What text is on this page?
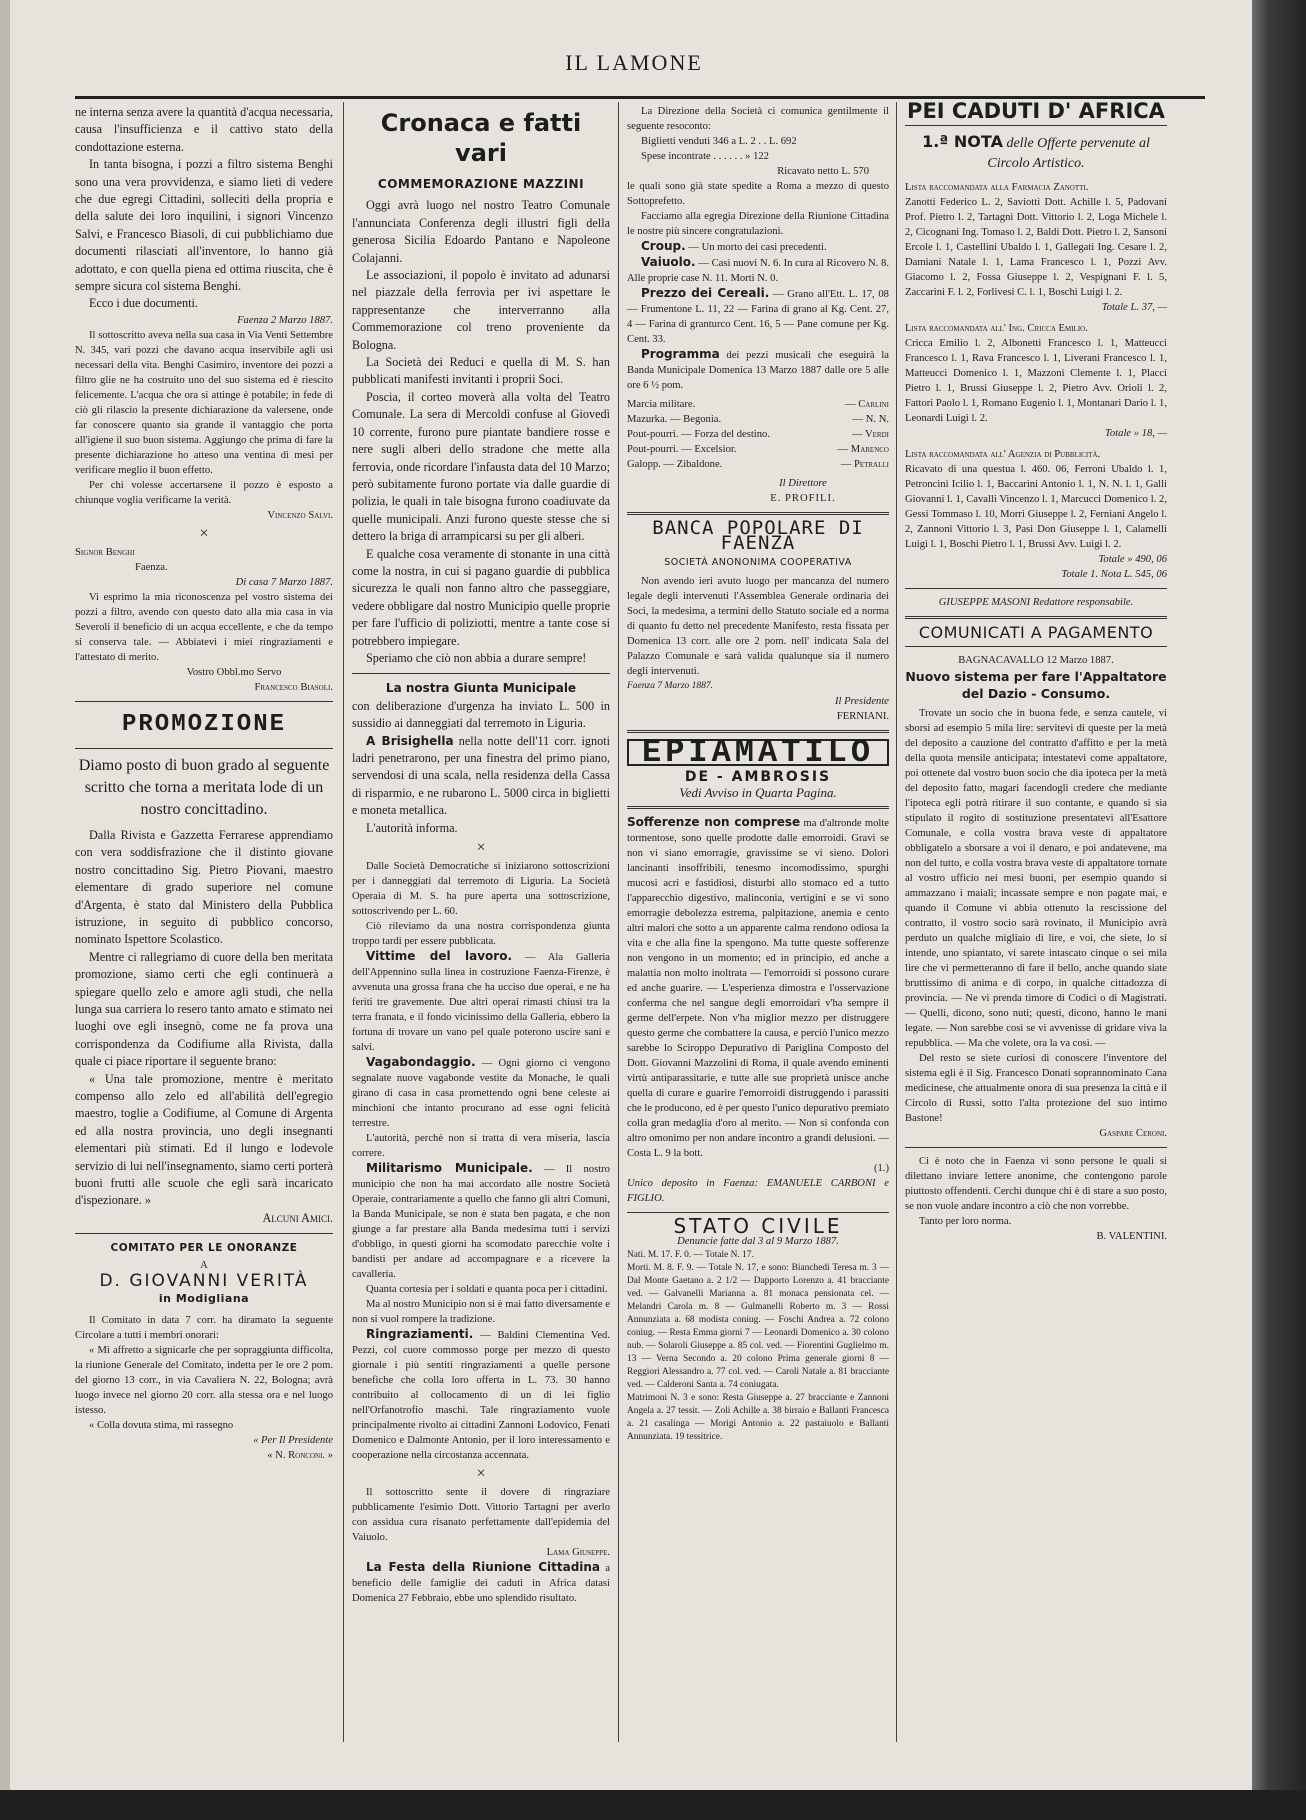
IL LAMONE
ne interna senza avere la quantità d'acqua necessaria, causa l'insufficienza e il cattivo stato della condottazione esterna.

In tanta bisogna, i pozzi a filtro sistema Benghi sono una vera provvidenza, e siamo lieti di vedere che due egregi Cittadini, solleciti della propria e della salute dei loro inquilini, i signori Vincenzo Salvi, e Francesco Biasoli, di cui pubblichiamo due documenti rilasciati all'inventore, lo hanno già adottato, e con quella piena ed ottima riuscita, che è sempre sicura col sistema Benghi.

Ecco i due documenti.

Faenza 2 Marzo 1887.

Il sottoscritto aveva nella sua casa in Via Venti Settembre N. 345, vari pozzi che davano acqua inservibile agli usi necessari della vita. Benghi Casimiro, inventore dei pozzi a filtro glie ne ha costruito uno del suo sistema ed è riescito felicemente. L'acqua che ora si attinge è potabile; in fede di ciò gli rilascio la presente dichiarazione da valersene, onde far conoscere quanto sia grande il vantaggio che porta all'igiene il suo buon sistema. Aggiungo che prima di fare la presente dichiarazione ho atteso una ventina di mesi per verificare meglio il buon effetto.

Per chi volesse accertarsene il pozzo è esposto a chiunque voglia verificarne la verità.

Vincenzo Salvi.
×
Signor Benghi
Faenza.
Di casa 7 Marzo 1887.

Vi esprimo la mia riconoscenza pel vostro sistema dei pozzi a filtro, avendo con questo dato alla mia casa in via Severoli il beneficio di un acqua eccellente, e che da tempo si conserva tale. — Abbiatevi i miei ringraziamenti e l'attestato di merito.

Vostro Obbl.mo Servo
Francesco Biasoli.
PROMOZIONE
Diamo posto di buon grado al seguente scritto che torna a meritata lode di un nostro concittadino.

Dalla Rivista e Gazzetta Ferrarese apprendiamo con vera soddisfrazione che il distinto giovane nostro concittadino Sig. Pietro Piovani, maestro elementare di grado superiore nel comune d'Argenta, è stato dal Ministero della Pubblica istruzione, in seguito di pubblico concorso, nominato Ispettore Scolastico.

Mentre ci rallegriamo di cuore della ben meritata promozione, siamo certi che egli continuerà a spiegare quello zelo e amore agli studi, che nella lunga sua carriera lo resero tanto amato e stimato nei luoghi ove egli insegnò, come ne fa prova una corrispondenza da Codifiume alla Rivista, dalla quale ci piace riportare il seguente brano:

« Una tale promozione, mentre è meritato compenso allo zelo ed all'abilità dell'egregio maestro, toglie a Codifiume, al Comune di Argenta ed alla nostra provincia, uno degli insegnanti elementari più stimati. Ed il lungo e lodevole servizio di lui nell'insegnamento, siamo certi porterà buoni frutti alle scuole che egli sarà incaricato d'ispezionare. »

Alcuni Amici.
COMITATO PER LE ONORANZE
A
D. GIOVANNI VERITÀ
in Modigliana

Il Comitato in data 7 corr. ha diramato la seguente Circolare a tutti i membri onorari:

« Mi affretto a signicarle che per sopraggiunta difficolta, la riunione Generale del Comitato, indetta per le ore 2 pom. del giorno 13 corr., in via Cavaliera N. 22, Bologna; avrà luogo invece nel giorno 20 corr. alla stessa ora e nel luogo istesso.

« Colla dovuta stima, mi rassegno

« Per Il Presidente
« N. Ronconi. »
Cronaca e fatti vari
COMMEMORAZIONE MAZZINI

Oggi avrà luogo nel nostro Teatro Comunale l'annunciata Conferenza degli illustri figli della generosa Sicilia Edoardo Pantano e Napoleone Colajanni.

Le associazioni, il popolo è invitato ad adunarsi nel piazzale della ferrovia per ivi aspettare le rappresentanze che interverranno alla Commemorazione col treno proveniente da Bologna.

La Società dei Reduci e quella di M. S. han pubblicati manifesti invitanti i proprii Soci.

Poscia, il corteo moverà alla volta del Teatro Comunale. La sera di Mercoldì confuse al Giovedì 10 corrente, furono pure piantate bandiere rosse e nere sugli alberi dello stradone che mette alla ferrovia, onde ricordare l'infausta data del 10 Marzo; però subitamente furono portate via dalle guardie di polizia, le quali in tale bisogna furono coadiuvate da quelle municipali. Anzi furono queste stesse che si dettero la briga di arrampicarsi su per gli alberi.

E qualche cosa veramente di stonante in una città come la nostra, in cui si pagano guardie di pubblica sicurezza le quali non fanno altro che passeggiare, vedere obbligare dal nostro Municipio quelle proprie per fare l'ufficio di poliziotti, mentre a tante cose si potrebbero impiegare.

Speriamo che ciò non abbia a durare sempre!

La nostra Giunta Municipale
con deliberazione d'urgenza ha inviato L. 500 in sussidio ai danneggiati dal terremoto in Liguria.

A Brisighella nella notte dell'11 corr. ignoti ladri penetrarono, per una finestra del primo piano, servendosi di una scala, nella residenza della Cassa di risparmio, e ne rubarono L. 5000 circa in biglietti e moneta metallica.

L'autorità informa.

×

Dalle Società Democratiche si iniziarono sottoscrizioni per i danneggiati dal terremoto di Liguria. La Società Operaia di M. S. ha pure aperta una sottoscrizione, sottoscrivendo per L. 60.

Ciò rileviamo da una nostra corrispondenza giunta troppo tardi per essere pubblicata.

Vittime del lavoro. — Ala Galleria dell'Appennino sulla linea in costruzione Faenza-Firenze, è avvenuta una grossa frana che ha ucciso due operai, e ne ha feriti tre gravemente. Due altri operai rimasti chiusi tra la terra franata, e il fondo vicinissimo della Galleria, ebbero la fortuna di trovare un vano pel quale poterono uscire sani e salvi.

Vagabondaggio. — Ogni giorno ci vengono segnalate nuove vagabonde vestite da Monache, le quali girano di casa in casa promettendo ogni bene celeste ai minchioni che intanto procurano ad esse ogni felicità terrestre.

L'autorità, perchè non si tratta di vera miseria, lascia correre.

Militarismo Municipale. — Il nostro municipio che non ha mai accordato alle nostre Società Operaie, contrariamente a quello che fanno gli altri Comuni, la Banda Municipale, se non è stata ben pagata, e che non giunge a far prestare alla Banda medesima tutti i servizi d'obbligo, in questi giorni ha scomodato parecchie volte i bandisti per andare ad accompagnare e a ricevere la cavalleria.

Quanta cortesia per i soldati e quanta poca per i cittadini.

Ma al nostro Municipio non si è mai fatto diversamente e non si vuol rompere la tradizione.

Ringraziamenti. — Baldini Clementina Ved. Pezzi, col cuore commosso porge per mezzo di questo giornale i più sentiti ringraziamenti a quelle persone benefiche che colla loro offerta in L. 73. 30 hanno contribuito al collocamento di un di lei figlio nell'Orfanotrofio maschi. Tale ringraziamento vuole principalmente rivolto ai cittadini Zannoni Lodovico, Fenati Domenico e Dalmonte Antonio, per il loro interessamento e cooperazione nella circostanza accennata.

×

Il sottoscritto sente il dovere di ringraziare pubblicamente l'esimio Dott. Vittorio Tartagni per averlo con assidua cura risanato perfettamente dall'epidemia del Vaiuolo.

Lama Giuseppe.

La Festa della Riunione Cittadina a beneficio delle famiglie dei caduti in Africa datasi Domenica 27 Febbraio, ebbe uno splendido risultato.

La Direzione della Società ci comunica gentilmente il seguente resoconto:

Biglietti venduti 346 a L. 2 . . L. 692
Spese incontrate . . . . . . » 122
Ricavato netto L. 570
le quali sono già state spedite a Roma a mezzo di questo Sottoprefetto.

Facciamo alla egregia Direzione della Riunione Cittadina le nostre più sincere congratulazioni.

Croup. — Un morto dei casi precedenti.

Vaiuolo. — Casi nuovi N. 6. In cura al Ricovero N. 8. Alle proprie case N. 11. Morti N. 0.

Prezzo dei Cereali. — Grano all'Ett. L. 17, 08 — Frumentone L. 11, 22 — Farina di grano al Kg. Cent. 27, 4 — Farina di granturco Cent. 16, 5 — Pane comune per Kg. Cent. 33.

Programma dei pezzi musicali che eseguirà la Banda Municipale Domenica 13 Marzo 1887 dalle ore 5 alle ore 6 ½ pom.

Marcia militare.	— Carlini
Mazurka. — Begonia.	— N. N.
Pout-pourri. — Forza del destino.	— Verdi
Pout-pourri. — Excelsior.	— Marenco
Galopp. — Zibaldone.	— Petralli
Il Direttore
E. PROFILI.
BANCA POPOLARE DI FAENZA
SOCIETÀ ANONONIMA COOPERATIVA

Non avendo ieri avuto luogo per mancanza del numero legale degli intervenuti l'Assemblea Generale ordinaria dei Soci, la medesima, a termini dello Statuto sociale ed a norma di quanto fu detto nel precedente Manifesto, resta fissata per Domenica 13 corr. alle ore 2 pom. nell' indicata Sala del Palazzo Comunale e sarà valida qualunque sia il numero degli intervenuti.

Faenza 7 Marzo 1887.
Il Presidente
FERNIANI.
EPIAMATILO
DE - AMBROSIS
Vedi Avviso in Quarta Pagina.

Sofferenze non comprese ma d'altronde molte tormentose, sono quelle prodotte dalle emorroidi. Gravi se non vi siano emorragie, gravissime se vi sieno. Dolori lancinanti insoffribili, tenesmo incomodissimo, spurghi mucosi acri e fastidiosi, disturbi allo stomaco ed a tutto l'apparecchio digestivo, malinconia, vertigini e se vi sono emorragie debolezza estrema, palpitazione, anemia e cento altri malori che sotto a un apparente calma rendono odiosa la vita e che alla fine la spengono. Ma tutte queste sofferenze non vengono in un momento; ed in principio, ed anche a malattia non molto inoltrata — l'emorroidi si possono curare ed anche guarire. — L'esperienza dimostra e l'osservazione conferma che nel sangue degli emorroidari v'ha sempre il germe dell'erpete. Non v'ha miglior mezzo per distruggere questo germe che combattere la causa, e perciò l'unico mezzo sarebbe lo Sciroppo Depurativo di Pariglina Composto del Dott. Giovanni Mazzolini di Roma, il quale avendo eminenti virtù antiparassitarie, e tutte alle sue proprietà unisce anche quella di curare e guarire l'emorroidi distruggendo i parassiti che le producono, ed è per questo l'unico depurativo premiato colla gran medaglia d'oro al merito. — Non si confonda con altro omonimo per non andare incontro a grandi delusioni. — Costa L. 9 la bott.

(1.)
Unico deposito in Faenza: EMANUELE CARBONI e FIGLIO.
STATO CIVILE
Denuncie fatte dal 3 al 9 Marzo 1887.
Nati. M. 17. F. 0. — Totale N. 17.
Morti. M. 8. F. 9. — Totale N. 17, e sono: Bianchedi Teresa m. 3 — Dal Monte Gaetano a. 2 1/2 — Dapporto Lorenzo a. 41 bracciante ved. — Galvanelli Marianna a. 81 monaca pensionata cel. — Melandri Carola m. 8 — Gulmanelli Roberto m. 3 — Rossi Annunziata a. 68 modista coniug. — Foschi Andrea a. 72 colono coniug. — Resta Emma giorni 7 — Leonardi Domenico a. 30 colono nub. — Solaroli Giuseppe a. 85 col. ved. — Fiorentini Guglielmo m. 13 — Verna Secondo a. 20 colono Prima generale giorni 8 — Reggiori Alessandro a. 77 col. ved. — Caroli Natale a. 81 bracciante ved. — Calderoni Santa a. 74 coniugata.
Matrimoni N. 3 e sono: Resta Giuseppe a. 27 bracciante e Zannoni Angela a. 27 tessit. — Zoli Achille a. 38 birraio e Ballanti Francesca a. 21 casalinga — Morigi Antonio a. 22 pastaiuolo e Ballanti Annunziata. 19 tessitrice.
PEI CADUTI D' AFRICA
1.ª NOTA delle Offerte pervenute al Circolo Artistico.
Lista raccomandata alla Farmacia Zanotti.
Zanotti Federico L. 2, Saviotti Dott. Achille l. 5, Padovani Prof. Pietro l. 2, Tartagni Dott. Vittorio l. 2, Loga Michele l. 2, Cicognani Ing. Tomaso l. 2, Baldi Dott. Pietro l. 2, Sansoni Ercole l. 1, Castellini Ubaldo l. 1, Gallegati Ing. Cesare l. 2, Damiani Natale l. 1, Lama Francesco l. 1, Pozzi Avv. Giacomo l. 2, Fossa Giuseppe l. 2, Vespignani F. l. 5, Zaccarini F. l. 2, Forlivesi C. l. 1, Boschi Luigi l. 2.
Totale L. 37, —
Lista raccomandata all' Ing. Cricca Emilio.
Cricca Emilio l. 2, Albonetti Francesco l. 1, Matteucci Francesco l. 1, Rava Francesco l. 1, Liverani Francesco l. 1, Matteucci Domenico l. 1, Mazzoni Clemente l. 1, Placci Pietro l. 1, Brussi Giuseppe l. 2, Pietro Avv. Orioli l. 2, Fattori Paolo l. 1, Romano Eugenio l. 1, Montanari Dario l. 1, Leonardi Luigi l. 2.
Totale » 18, —
Lista raccomandata all' Agenzia di Pubblicità.
Ricavato di una questua l. 460. 06, Ferroni Ubaldo l. 1, Petroncini Icilio l. 1, Baccarini Antonio l. 1, N. N. l. 1, Galli Giovanni l. 1, Cavalli Vincenzo l. 1, Marcucci Domenico l. 2, Gessi Tommaso l. 10, Morri Giuseppe l. 2, Ferniani Angelo l. 2, Zannoni Vittorio l. 3, Pasi Don Giuseppe l. 1, Calamelli Luigi l. 1, Boschi Pietro l. 1, Brussi Avv. Luigi l. 2.
Totale » 490, 06
Totale 1. Nota L. 545, 06
GIUSEPPE MASONI Redattore responsabile.
COMUNICATI A PAGAMENTO
BAGNACAVALLO 12 Marzo 1887.
Nuovo sistema per fare l'Appaltatore del Dazio - Consumo.

Trovate un socio che in buona fede, e senza cautele, vi sborsi ad esempio 5 mila lire: servitevi di queste per la metà del deposito a cauzione del contratto d'affitto e per la metà della quota mensile anticipata; intestatevi come appaltatore, poi ottenete dal vostro buon socio che dia ipoteca per la metà del deposito fatto, magari facendogli credere che mediante l'ipoteca egli potrà ritirare il suo contante, e quando si sia stipulato il rogito di sostituzione presentatevi all'Esattore Comunale, e colla vostra brava veste di appaltatore obbligatelo a sborsare a voi il denaro, e poi andatevene, ma non del tutto, e colla vostra brava veste di appaltatore tornate al vostro ufficio nei mesi buoni, per esempio quando si ammazzano i maiali; incassate sempre e non pagate mai, e quando il Comune vi abbia ottenuto la rescissione del contratto, il vostro socio sarà rovinato, il Municipio avrà perduto un qualche migliaio di lire, e voi, che siete, lo si intende, uno spiantato, vi sarete intascato cinque o sei mila lire che vi permetteranno di fare il bello, anche quando siate bruttissimo di anima e di corpo, in qualche cittadozza di provincia. — Ne vi prenda timore di Codici o di Magistrati. — Quelli, dicono, sono nuti; questi, dicono, hanno le mani legate. — Non sarebbe così se vi avvenisse di gridare viva la repubblica. — Ma che volete, ora la va così. —

Del resto se siete curiosi di conoscere l'inventore del sistema egli è il Sig. Francesco Donati soprannominato Cana medicinese, che attualmente onora di sua presenza la città e il Circolo di Russi, sotto l'alta protezione del suo intimo Bastone!

Gaspare Ceroni.

Ci è noto che in Faenza vi sono persone le quali si dilettano inviare lettere anonime, che contengono parole piuttosto offendenti. Cerchi dunque chi è di stare a suo posto, se non vuole andare incontro a ciò che non vorrebbe.

Tanto per loro norma.

B. VALENTINI.
